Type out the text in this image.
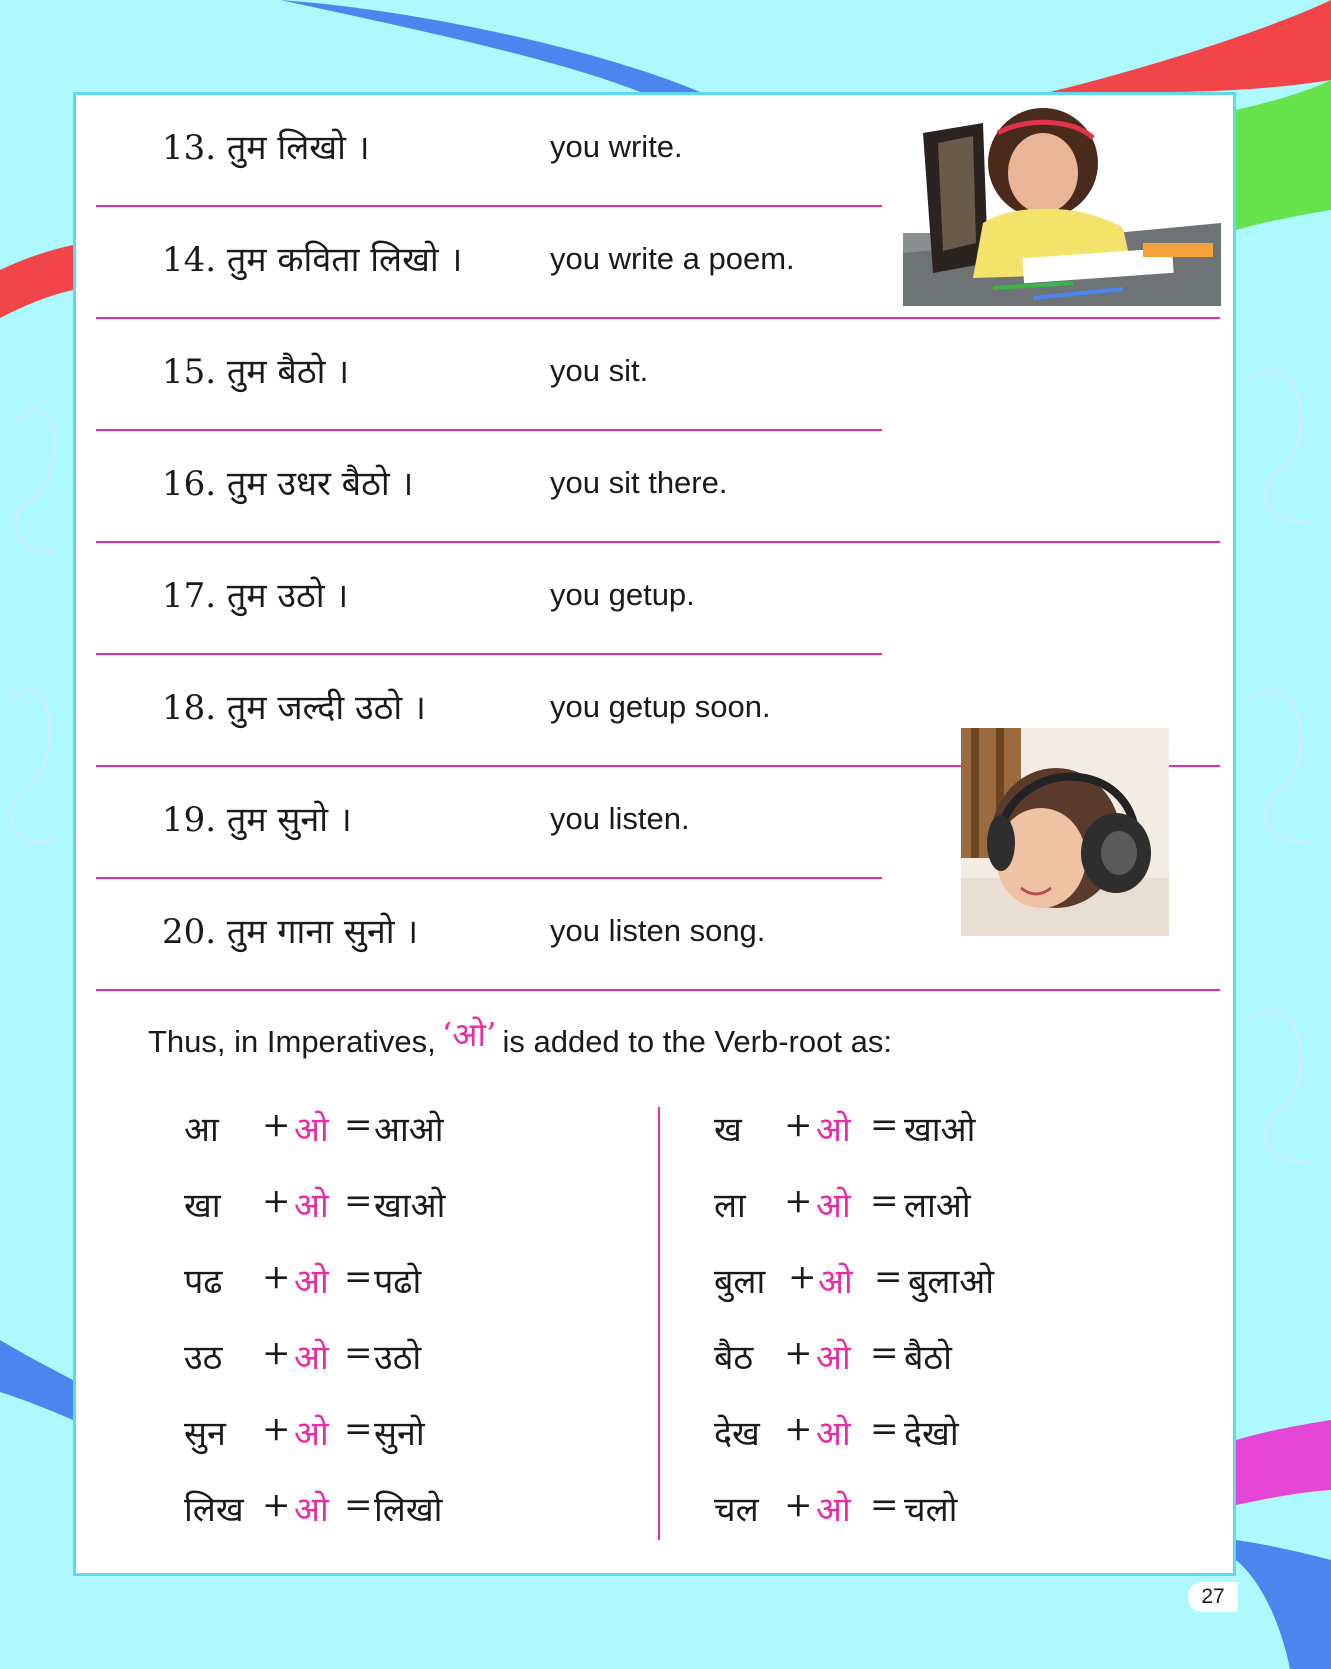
13. तुम लिखो ।	you write.
14. तुम कविता लिखो ।	you write a poem.
15. तुम बैठो ।	you sit.
16. तुम उधर बैठो ।	you sit there.
17. तुम उठो ।	you getup.
18. तुम जल्दी उठो ।	you getup soon.
19. तुम सुनो ।	you listen.
20. तुम गाना सुनो ।	you listen song.
Thus, in Imperatives, ‘ओ’ is added to the Verb-root as:
आ + ओ = आओ
खा + ओ = खाओ
पढ + ओ = पढो
उठ + ओ = उठो
सुन + ओ = सुनो
लिख + ओ = लिखो
ख + ओ = खाओ
ला + ओ = लाओ
बुला + ओ = बुलाओ
बैठ + ओ = बैठो
देख + ओ = देखो
चल + ओ = चलो
27
